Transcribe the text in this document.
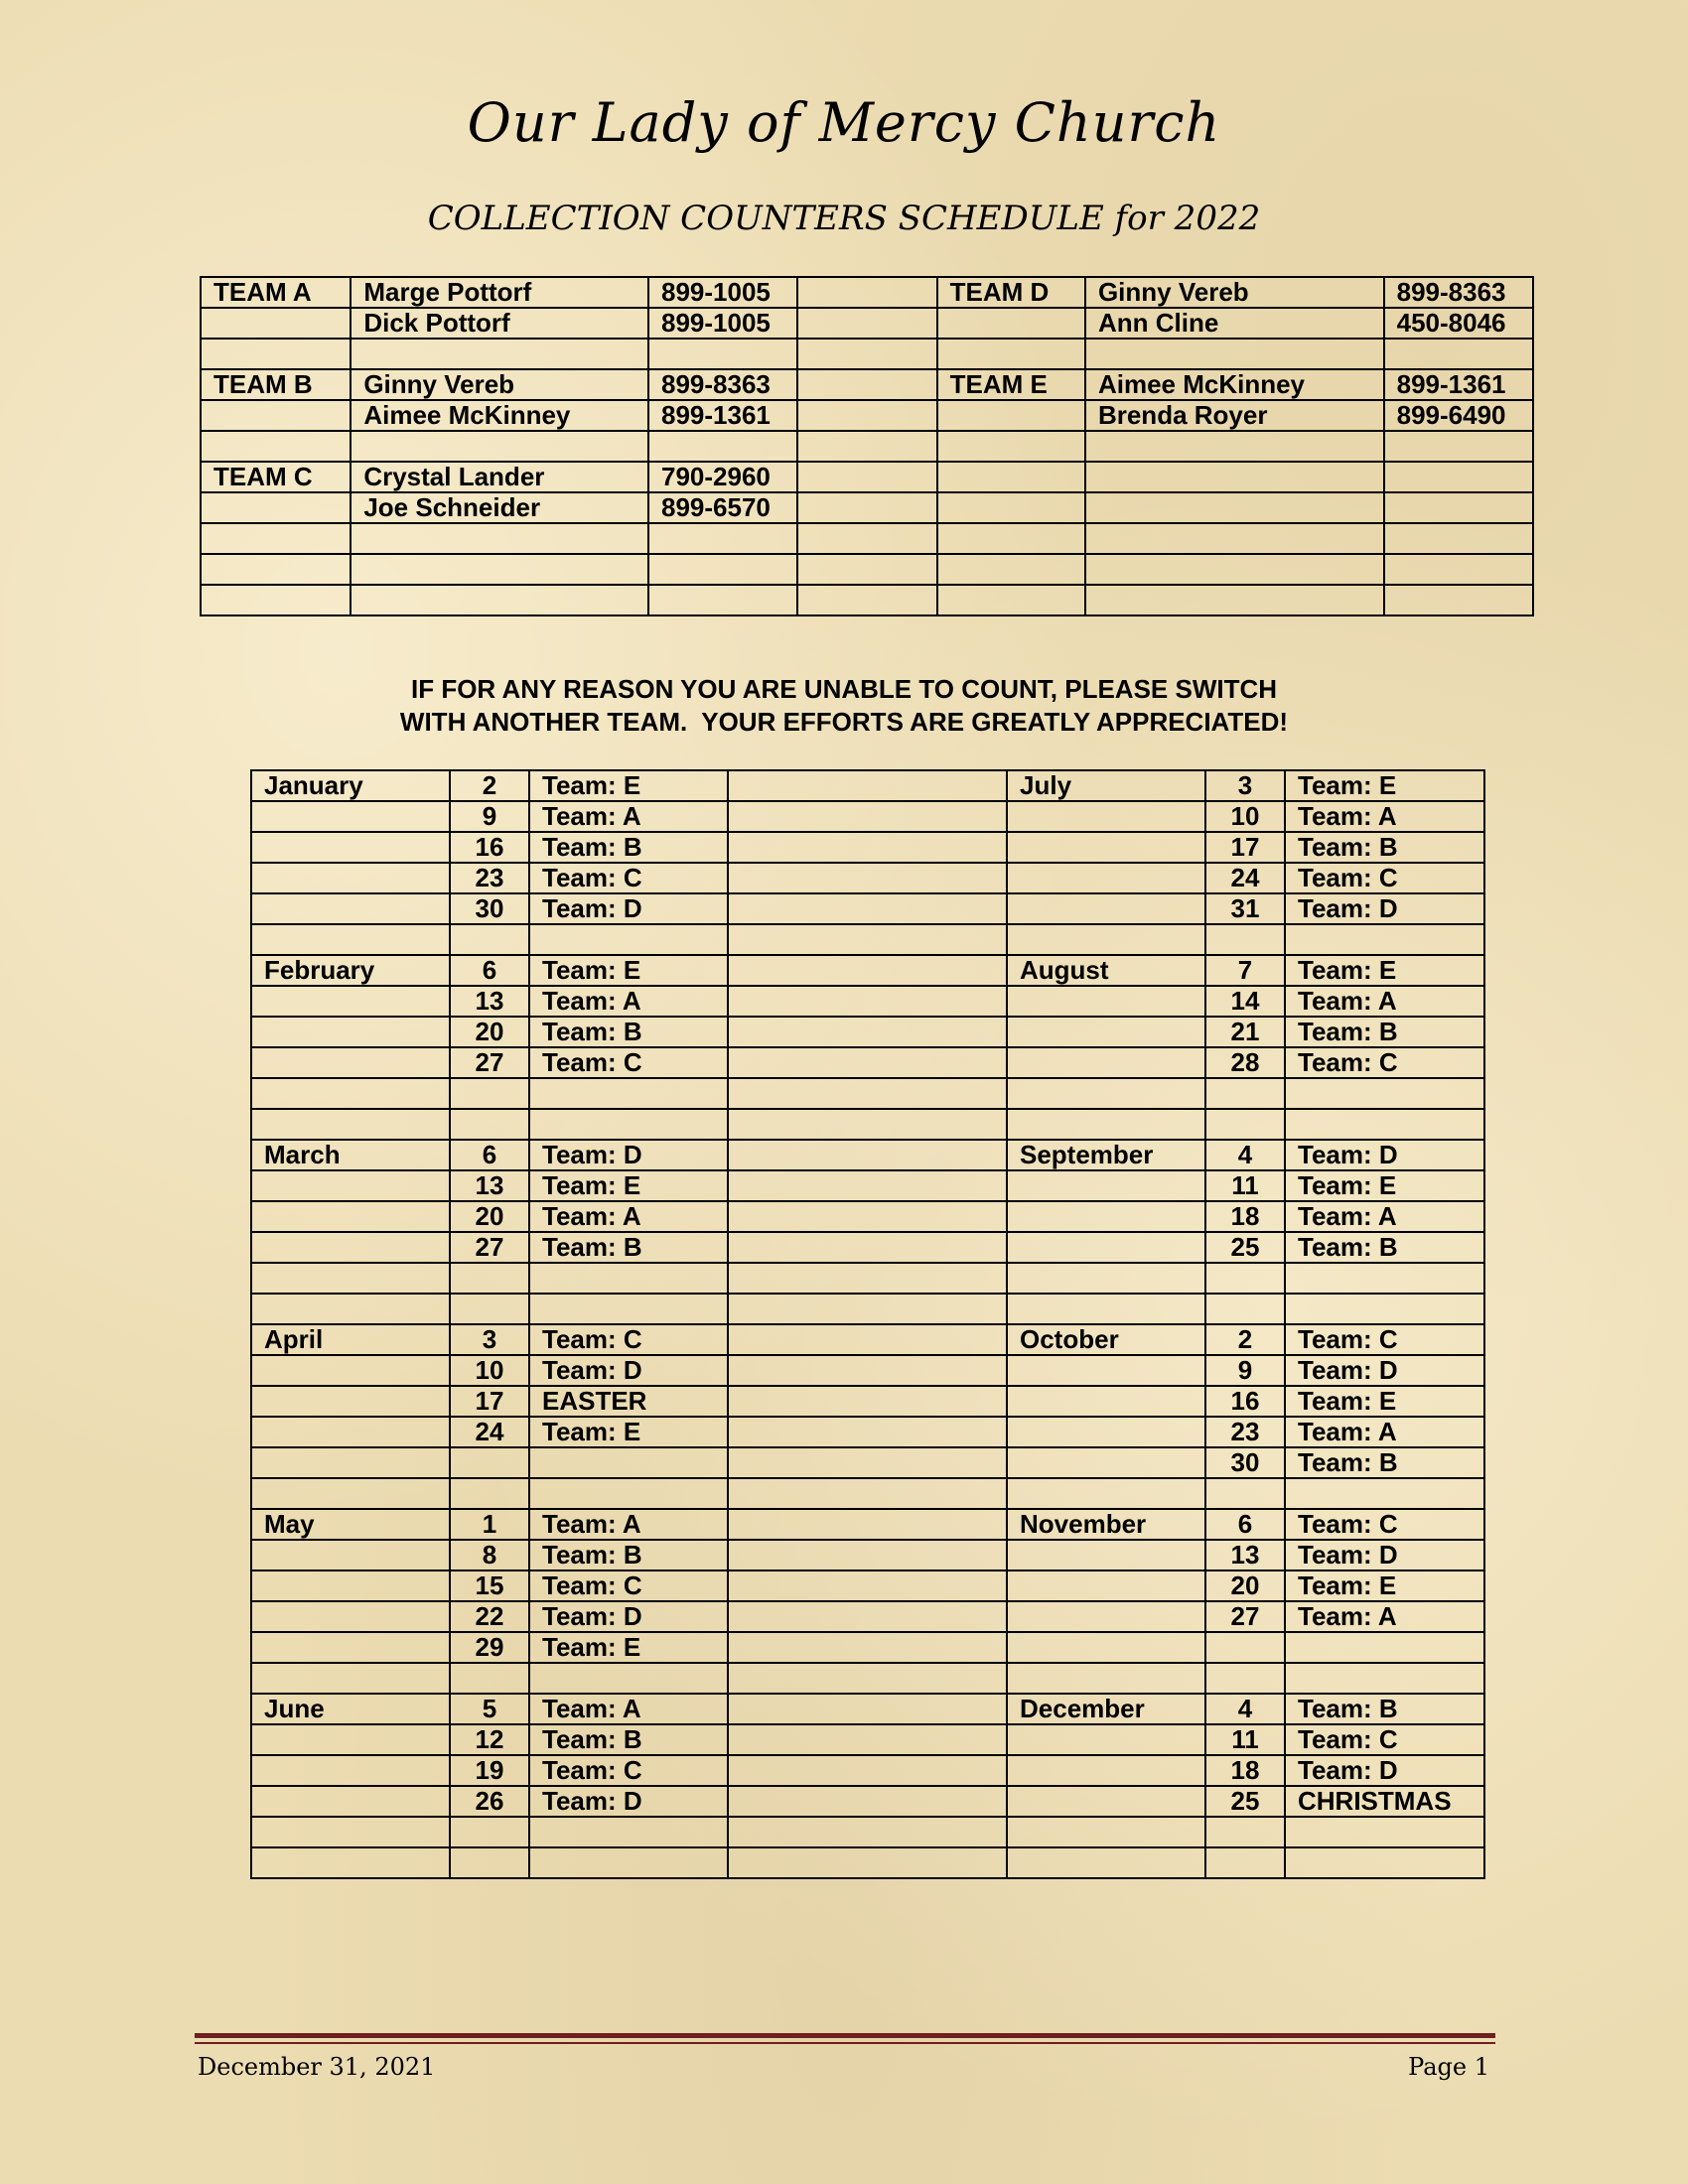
Our Lady of Mercy Church
COLLECTION COUNTERS SCHEDULE for 2022
TEAM A	Marge Pottorf	899-1005		TEAM D	Ginny Vereb	899-8363
	Dick Pottorf	899-1005			Ann Cline	450-8046

TEAM B	Ginny Vereb	899-8363		TEAM E	Aimee McKinney	899-1361
	Aimee McKinney	899-1361			Brenda Royer	899-6490

TEAM C	Crystal Lander	790-2960				
	Joe Schneider	899-6570				

IF FOR ANY REASON YOU ARE UNABLE TO COUNT, PLEASE SWITCH
WITH ANOTHER TEAM.  YOUR EFFORTS ARE GREATLY APPRECIATED!
January	2	Team: E		July	3	Team: E
	9	Team: A			10	Team: A
	16	Team: B			17	Team: B
	23	Team: C			24	Team: C
	30	Team: D			31	Team: D

February	6	Team: E		August	7	Team: E
	13	Team: A			14	Team: A
	20	Team: B			21	Team: B
	27	Team: C			28	Team: C

March	6	Team: D		September	4	Team: D
	13	Team: E			11	Team: E
	20	Team: A			18	Team: A
	27	Team: B			25	Team: B

April	3	Team: C		October	2	Team: C
	10	Team: D			9	Team: D
	17	EASTER			16	Team: E
	24	Team: E			23	Team: A
					30	Team: B

May	1	Team: A		November	6	Team: C
	8	Team: B			13	Team: D
	15	Team: C			20	Team: E
	22	Team: D			27	Team: A
	29	Team: E				

June	5	Team: A		December	4	Team: B
	12	Team: B			11	Team: C
	19	Team: C			18	Team: D
	26	Team: D			25	CHRISTMAS

December 31, 2021	Page 1
